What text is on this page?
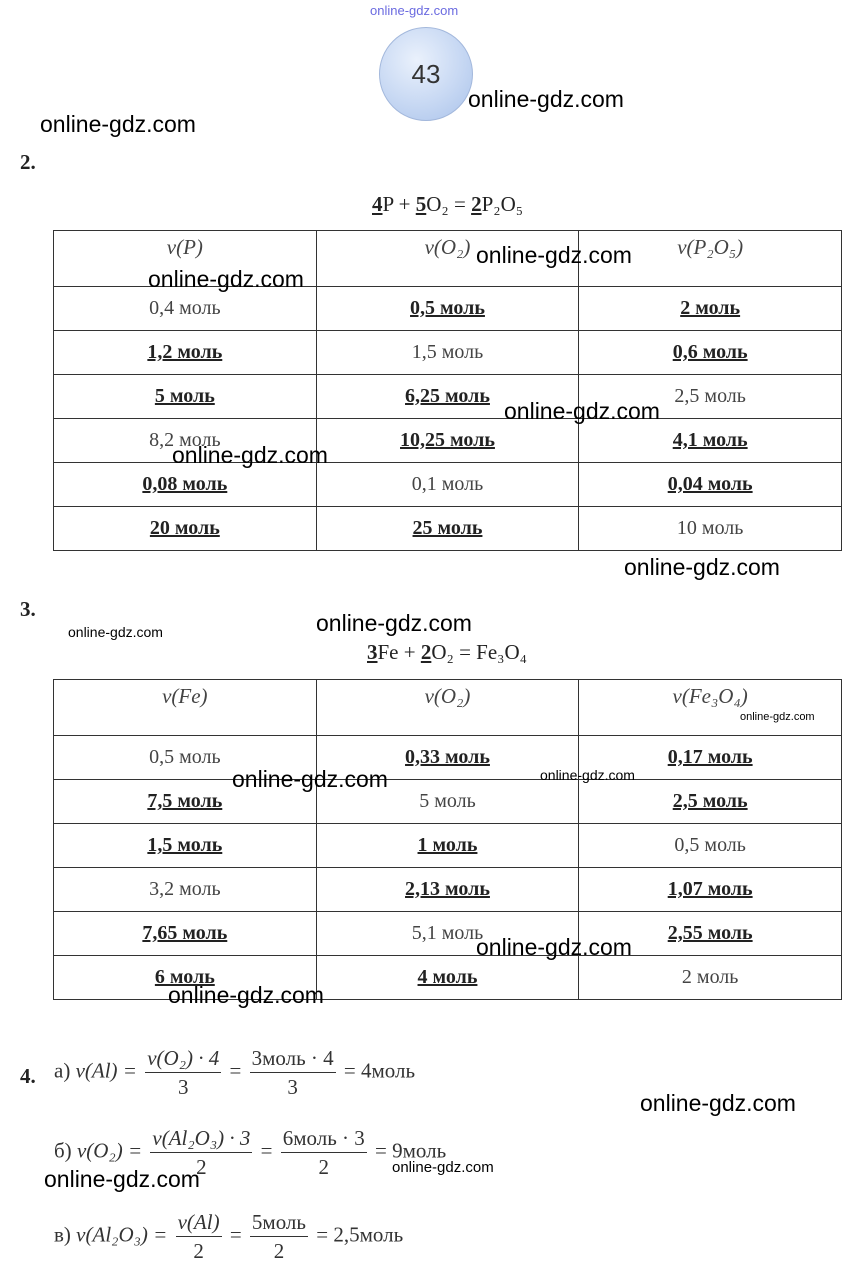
online-gdz.com
43
online-gdz.com
online-gdz.com
2.
4P + 5O₂ = 2P₂O₅
ν(P)	ν(O₂)	ν(P₂O₅)
0,4 моль	0,5 моль	2 моль
1,2 моль	1,5 моль	0,6 моль
5 моль	6,25 моль	2,5 моль
8,2 моль	10,25 моль	4,1 моль
0,08 моль	0,1 моль	0,04 моль
20 моль	25 моль	10 моль
online-gdz.com
online-gdz.com
online-gdz.com
online-gdz.com
online-gdz.com
3.
online-gdz.com	online-gdz.com
3Fe + 2O₂ = Fe₃O₄
ν(Fe)	ν(O₂)	ν(Fe₃O₄)
0,5 моль	0,33 моль	0,17 моль
7,5 моль	5 моль	2,5 моль
1,5 моль	1 моль	0,5 моль
3,2 моль	2,13 моль	1,07 моль
7,65 моль	5,1 моль	2,55 моль
6 моль	4 моль	2 моль
online-gdz.com
online-gdz.com
online-gdz.com
online-gdz.com
online-gdz.com
4. а) $\nu(Al) = \frac{\text{ν(O₂) · 4}}{3} = \frac{\text{3моль · 4}}{3}$ = 4моль
online-gdz.com
б) $\nu(O_2) = \frac{\text{ν(Al₂O₃) · 3}}{2} = \frac{\text{6моль · 3}}{2}$ = 9моль
online-gdz.com
online-gdz.com
в) $\nu(Al_2O_3) = \frac{\nu(Al)}{2} = \frac{\text{5моль}}{2}$ = 2,5моль
